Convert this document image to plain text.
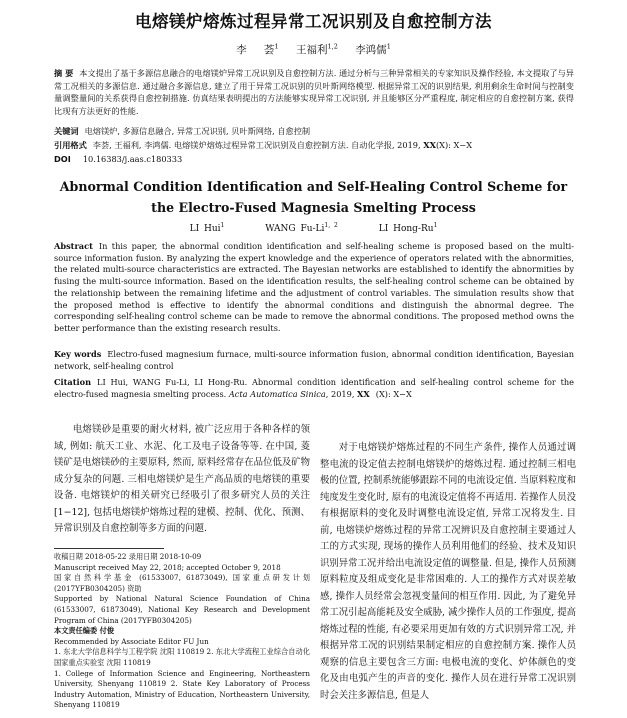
电熔镁炉熔炼过程异常工况识别及自愈控制方法
李 荟$^1$ 王福利$^{1,2}$ 李鸿儒$^1$
摘 要 本文提出了基于多源信息融合的电熔镁炉异常工况识别及自愈控制方法. 通过分析与三种异常相关的专家知识及操作经验, 本文提取了与异常工况相关的多源信息. 通过融合多源信息, 建立了用于异常工况识别的贝叶斯网络模型. 根据异常工况的识别结果, 利用剩余生命时间与控制变量调整量间的关系获得自愈控制措施. 仿真结果表明提出的方法能够实现异常工况识别, 并且能够区分严重程度, 制定相应的自愈控制方案, 获得比现有方法更好的性能.
关键词 电熔镁炉, 多源信息融合, 异常工况识别, 贝叶斯网络, 自愈控制
引用格式 李荟, 王福利, 李鸿儒. 电熔镁炉熔炼过程异常工况识别及自愈控制方法. 自动化学报, 2019, XX(X): X−X
DOI 10.16383/j.aas.c180333
Abnormal Condition Identification and Self-Healing Control Scheme for
the Electro-Fused Magnesia Smelting Process
LI Hui$^1$	WANG Fu-Li$^{1, 2}$	LI Hong-Ru$^1$
Abstract In this paper, the abnormal condition identification and self-healing scheme is proposed based on the multi-source information fusion. By analyzing the expert knowledge and the experience of operators related with the abnormities, the related multi-source characteristics are extracted. The Bayesian networks are established to identify the abnormities by fusing the multi-source information. Based on the identification results, the self-healing control scheme can be obtained by the relationship between the remaining lifetime and the adjustment of control variables. The simulation results show that the proposed method is effective to identify the abnormal conditions and distinguish the abnormal degree. The corresponding self-healing control scheme can be made to remove the abnormal conditions. The proposed method owns the better performance than the existing research results.
Key words Electro-fused magnesium furnace, multi-source information fusion, abnormal condition identification, Bayesian network, self-healing control
Citation LI Hui, WANG Fu-Li, LI Hong-Ru. Abnormal condition identification and self-healing control scheme for the electro-fused magnesia smelting process. Acta Automatica Sinica, 2019, XX (X): X−X
电熔镁砂是重要的耐火材料, 被广泛应用于各种各样的领域, 例如: 航天工业、水泥、化工及电子设备等等. 在中国, 菱镁矿是电熔镁砂的主要原料, 然而, 原料经常存在品位低及矿物成分复杂的问题. 三相电熔镁炉是生产高品质的电熔镁的重要设备. 电熔镁炉的相关研究已经吸引了很多研究人员的关注[1−12], 包括电熔镁炉熔炼过程的建模、控制、优化、预测、异常识别及自愈控制等多方面的问题.
对于电熔镁炉熔炼过程的不同生产条件, 操作人员通过调整电流的设定值去控制电熔镁炉的熔炼过程. 通过控制三相电极的位置, 控制系统能够跟踪不同的电流设定值. 当原料粒度和纯度发生变化时, 原有的电流设定值将不再适用. 若操作人员没有根据原料的变化及时调整电流设定值, 异常工况将发生. 目前, 电熔镁炉熔炼过程的异常工况辨识及自愈控制主要通过人工的方式实现, 现场的操作人员利用他们的经验、技术及知识识别异常工况并给出电流设定值的调整量. 但是, 操作人员预测原料粒度及组成变化是非常困难的. 人工的操作方式对误差敏感, 操作人员经常会忽视变量间的相互作用. 因此, 为了避免异常工况引起高能耗及安全威胁, 减少操作人员的工作强度, 提高熔炼过程的性能, 有必要采用更加有效的方式识别异常工况, 并根据异常工况的识别结果制定相应的自愈控制方案. 操作人员观察的信息主要包含三方面: 电极电流的变化、炉体颜色的变化及由电弧产生的声音的变化. 操作人员在进行异常工况识别时会关注多源信息, 但是人
收稿日期 2018-05-22 录用日期 2018-10-09
Manuscript received May 22, 2018; accepted October 9, 2018
国家自然科学基金 (61533007, 61873049), 国家重点研发计划 (2017YFB0304205) 资助
Supported by National Natural Science Foundation of China (61533007, 61873049), National Key Research and Development Program of China (2017YFB0304205)
本文责任编委 付俊
Recommended by Associate Editor FU Jun
1. 东北大学信息科学与工程学院 沈阳 110819 2. 东北大学流程工业综合自动化国家重点实验室 沈阳 110819
1. College of Information Science and Engineering, Northeastern University, Shenyang 110819 2. State Key Laboratory of Process Industry Automation, Ministry of Education, Northeastern University, Shenyang 110819
